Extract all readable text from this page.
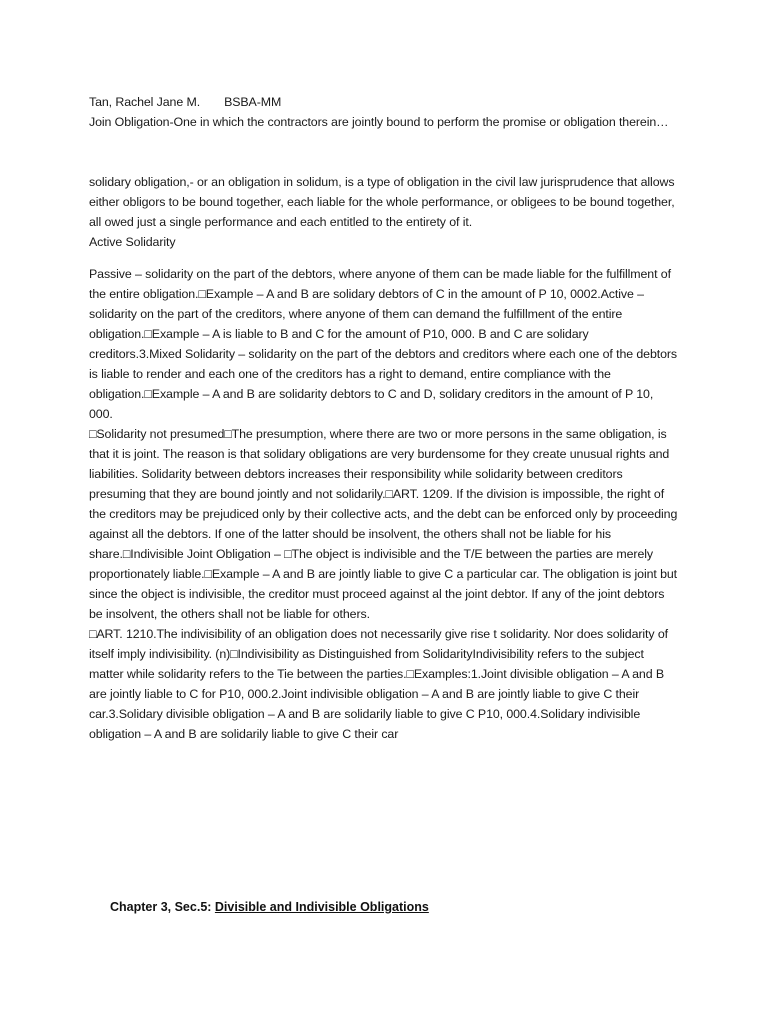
Tan, Rachel Jane M. BSBA-MM

Join Obligation-One in which the contractors are jointly bound to perform the promise or obligation therein…

solidary obligation,- or an obligation in solidum, is a type of obligation in the civil law jurisprudence that allows either obligors to be bound together, each liable for the whole performance, or obligees to be bound together, all owed just a single performance and each entitled to the entirety of it.

Active Solidarity

Passive – solidarity on the part of the debtors, where anyone of them can be made liable for the fulfillment of the entire obligation.□Example – A and B are solidary debtors of C in the amount of P 10, 0002.Active – solidarity on the part of the creditors, where anyone of them can demand the fulfillment of the entire obligation.□Example – A is liable to B and C for the amount of P10, 000. B and C are solidary creditors.3.Mixed Solidarity – solidarity on the part of the debtors and creditors where each one of the debtors is liable to render and each one of the creditors has a right to demand, entire compliance with the obligation.□Example – A and B are solidarity debtors to C and D, solidary creditors in the amount of P 10, 000.

□Solidarity not presumed□The presumption, where there are two or more persons in the same obligation, is that it is joint. The reason is that solidary obligations are very burdensome for they create unusual rights and liabilities. Solidarity between debtors increases their responsibility while solidarity between creditors presuming that they are bound jointly and not solidarily.□ART. 1209. If the division is impossible, the right of the creditors may be prejudiced only by their collective acts, and the debt can be enforced only by proceeding against all the debtors. If one of the latter should be insolvent, the others shall not be liable for his share.□Indivisible Joint Obligation – □The object is indivisible and the T/E between the parties are merely proportionately liable.□Example – A and B are jointly liable to give C a particular car. The obligation is joint but since the object is indivisible, the creditor must proceed against al the joint debtor. If any of the joint debtors be insolvent, the others shall not be liable for others.

□ART. 1210.The indivisibility of an obligation does not necessarily give rise t solidarity. Nor does solidarity of itself imply indivisibility. (n)□Indivisibility as Distinguished from SolidarityIndivisibility refers to the subject matter while solidarity refers to the Tie between the parties.□Examples:1.Joint divisible obligation – A and B are jointly liable to C for P10, 000.2.Joint indivisible obligation – A and B are jointly liable to give C their car.3.Solidary divisible obligation – A and B are solidarily liable to give C P10, 000.4.Solidary indivisible obligation – A and B are solidarily liable to give C their car

Chapter 3, Sec.5: Divisible and Indivisible Obligations
